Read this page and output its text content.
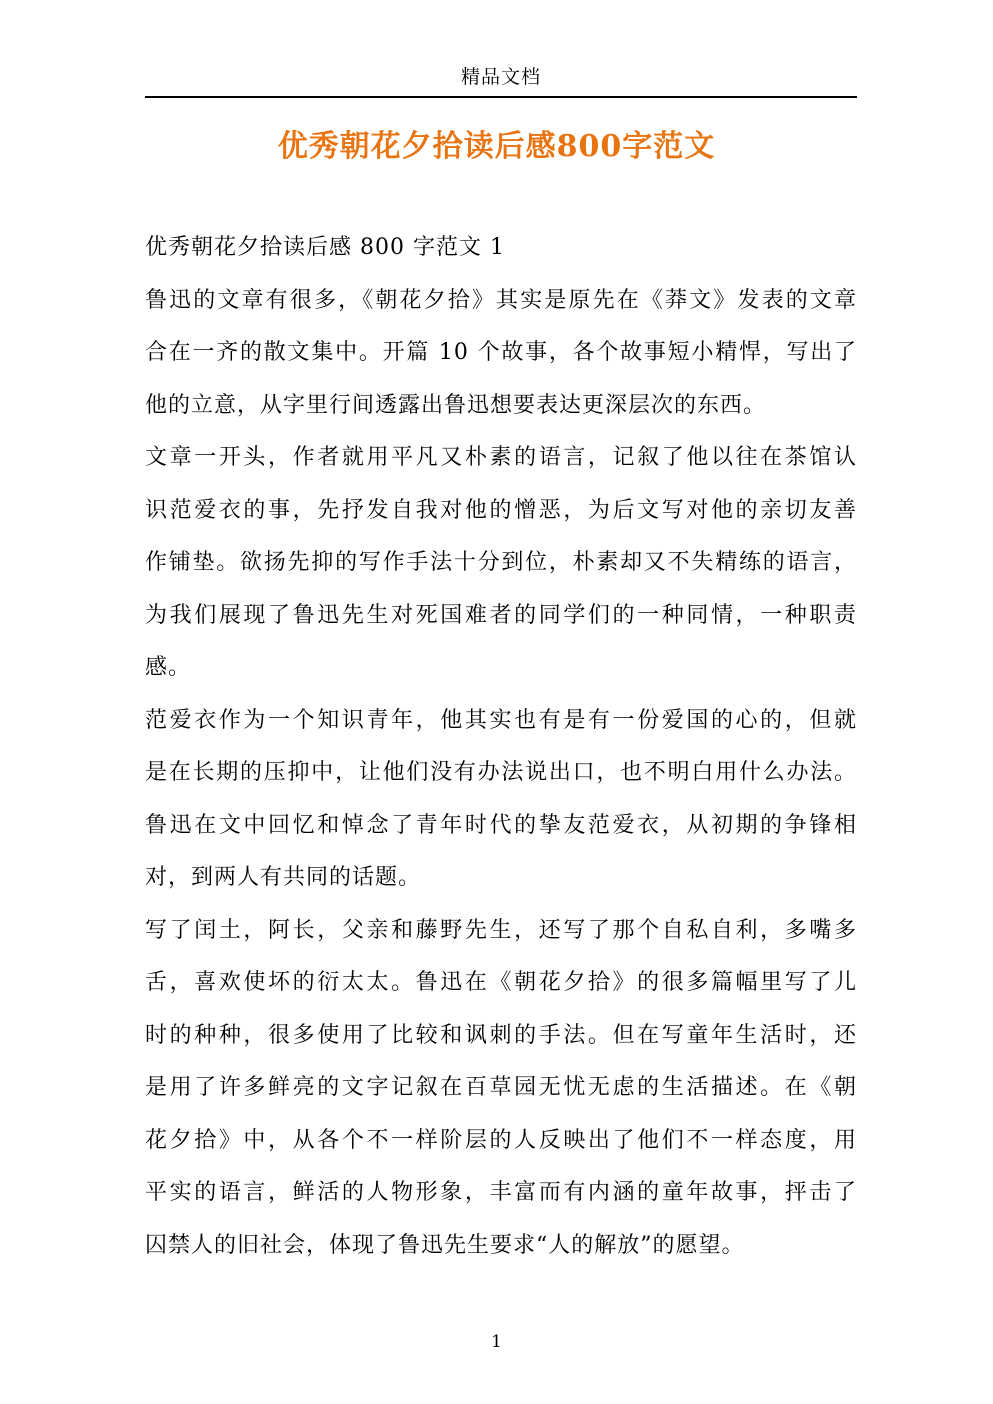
精品文档
优秀朝花夕拾读后感800字范文
优秀朝花夕拾读后感 800 字范文 1
鲁迅的文章有很多，《朝花夕拾》其实是原先在《莽文》发表的文章
合在一齐的散文集中。开篇 10 个故事，各个故事短小精悍，写出了
他的立意，从字里行间透露出鲁迅想要表达更深层次的东西。
文章一开头，作者就用平凡又朴素的语言，记叙了他以往在茶馆认
识范爱衣的事，先抒发自我对他的憎恶，为后文写对他的亲切友善
作铺垫。欲扬先抑的写作手法十分到位，朴素却又不失精练的语言，
为我们展现了鲁迅先生对死国难者的同学们的一种同情，一种职责
感。
范爱衣作为一个知识青年，他其实也有是有一份爱国的心的，但就
是在长期的压抑中，让他们没有办法说出口，也不明白用什么办法。
鲁迅在文中回忆和悼念了青年时代的挚友范爱衣，从初期的争锋相
对，到两人有共同的话题。
写了闰土，阿长，父亲和藤野先生，还写了那个自私自利，多嘴多
舌，喜欢使坏的衍太太。鲁迅在《朝花夕拾》的很多篇幅里写了儿
时的种种，很多使用了比较和讽刺的手法。但在写童年生活时，还
是用了许多鲜亮的文字记叙在百草园无忧无虑的生活描述。在《朝
花夕拾》中，从各个不一样阶层的人反映出了他们不一样态度，用
平实的语言，鲜活的人物形象，丰富而有内涵的童年故事，抨击了
囚禁人的旧社会，体现了鲁迅先生要求“人的解放”的愿望。
1
